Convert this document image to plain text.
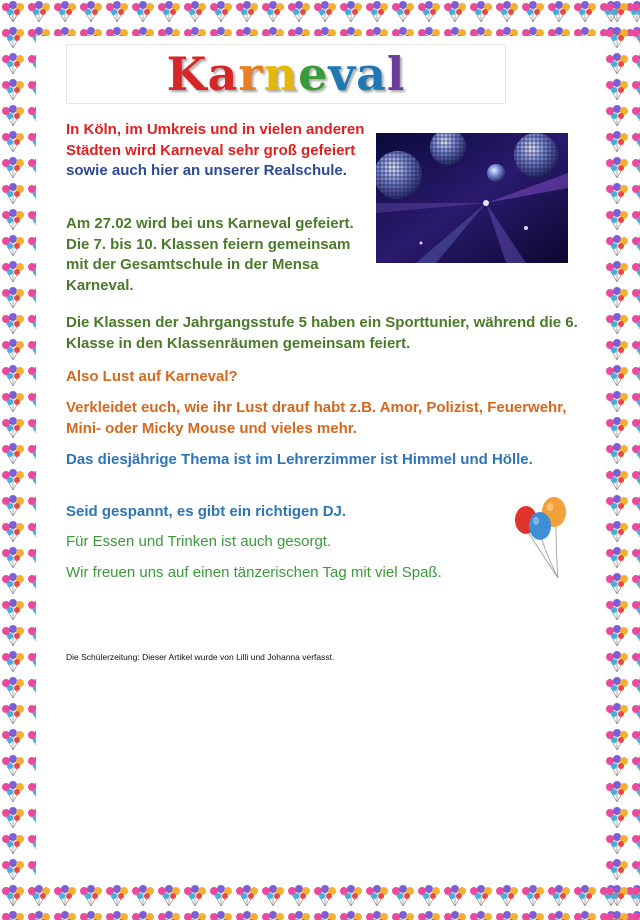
Karneval
In Köln, im Umkreis und in vielen anderen Städten wird Karneval sehr groß gefeiert sowie auch hier an unserer Realschule.
Am 27.02 wird bei uns Karneval gefeiert. Die 7. bis 10. Klassen feiern gemeinsam mit der Gesamtschule in der Mensa Karneval.
Die Klassen der Jahrgangsstufe 5 haben ein Sporttunier, während die 6. Klasse in den Klassenräumen gemeinsam feiert.
Also Lust auf Karneval?
Verkleidet euch, wie ihr Lust drauf habt z.B. Amor, Polizist, Feuerwehr, Mini- oder Micky Mouse und vieles mehr.
Das diesjährige Thema ist im Lehrerzimmer ist Himmel und Hölle.
Seid gespannt, es gibt ein richtigen DJ.
Für Essen und Trinken ist auch gesorgt.
Wir freuen uns auf einen tänzerischen Tag mit viel Spaß.
Die Schülerzeitung: Dieser Artikel wurde von Lilli und Johanna verfasst.
